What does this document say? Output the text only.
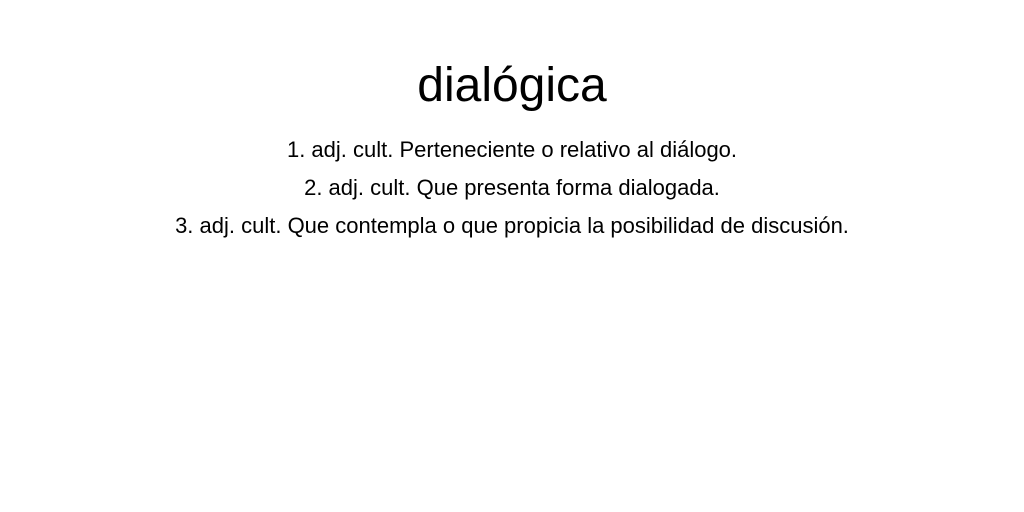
dialógica
1. adj. cult. Perteneciente o relativo al diálogo.
2. adj. cult. Que presenta forma dialogada.
3. adj. cult. Que contempla o que propicia la posibilidad de discusión.
